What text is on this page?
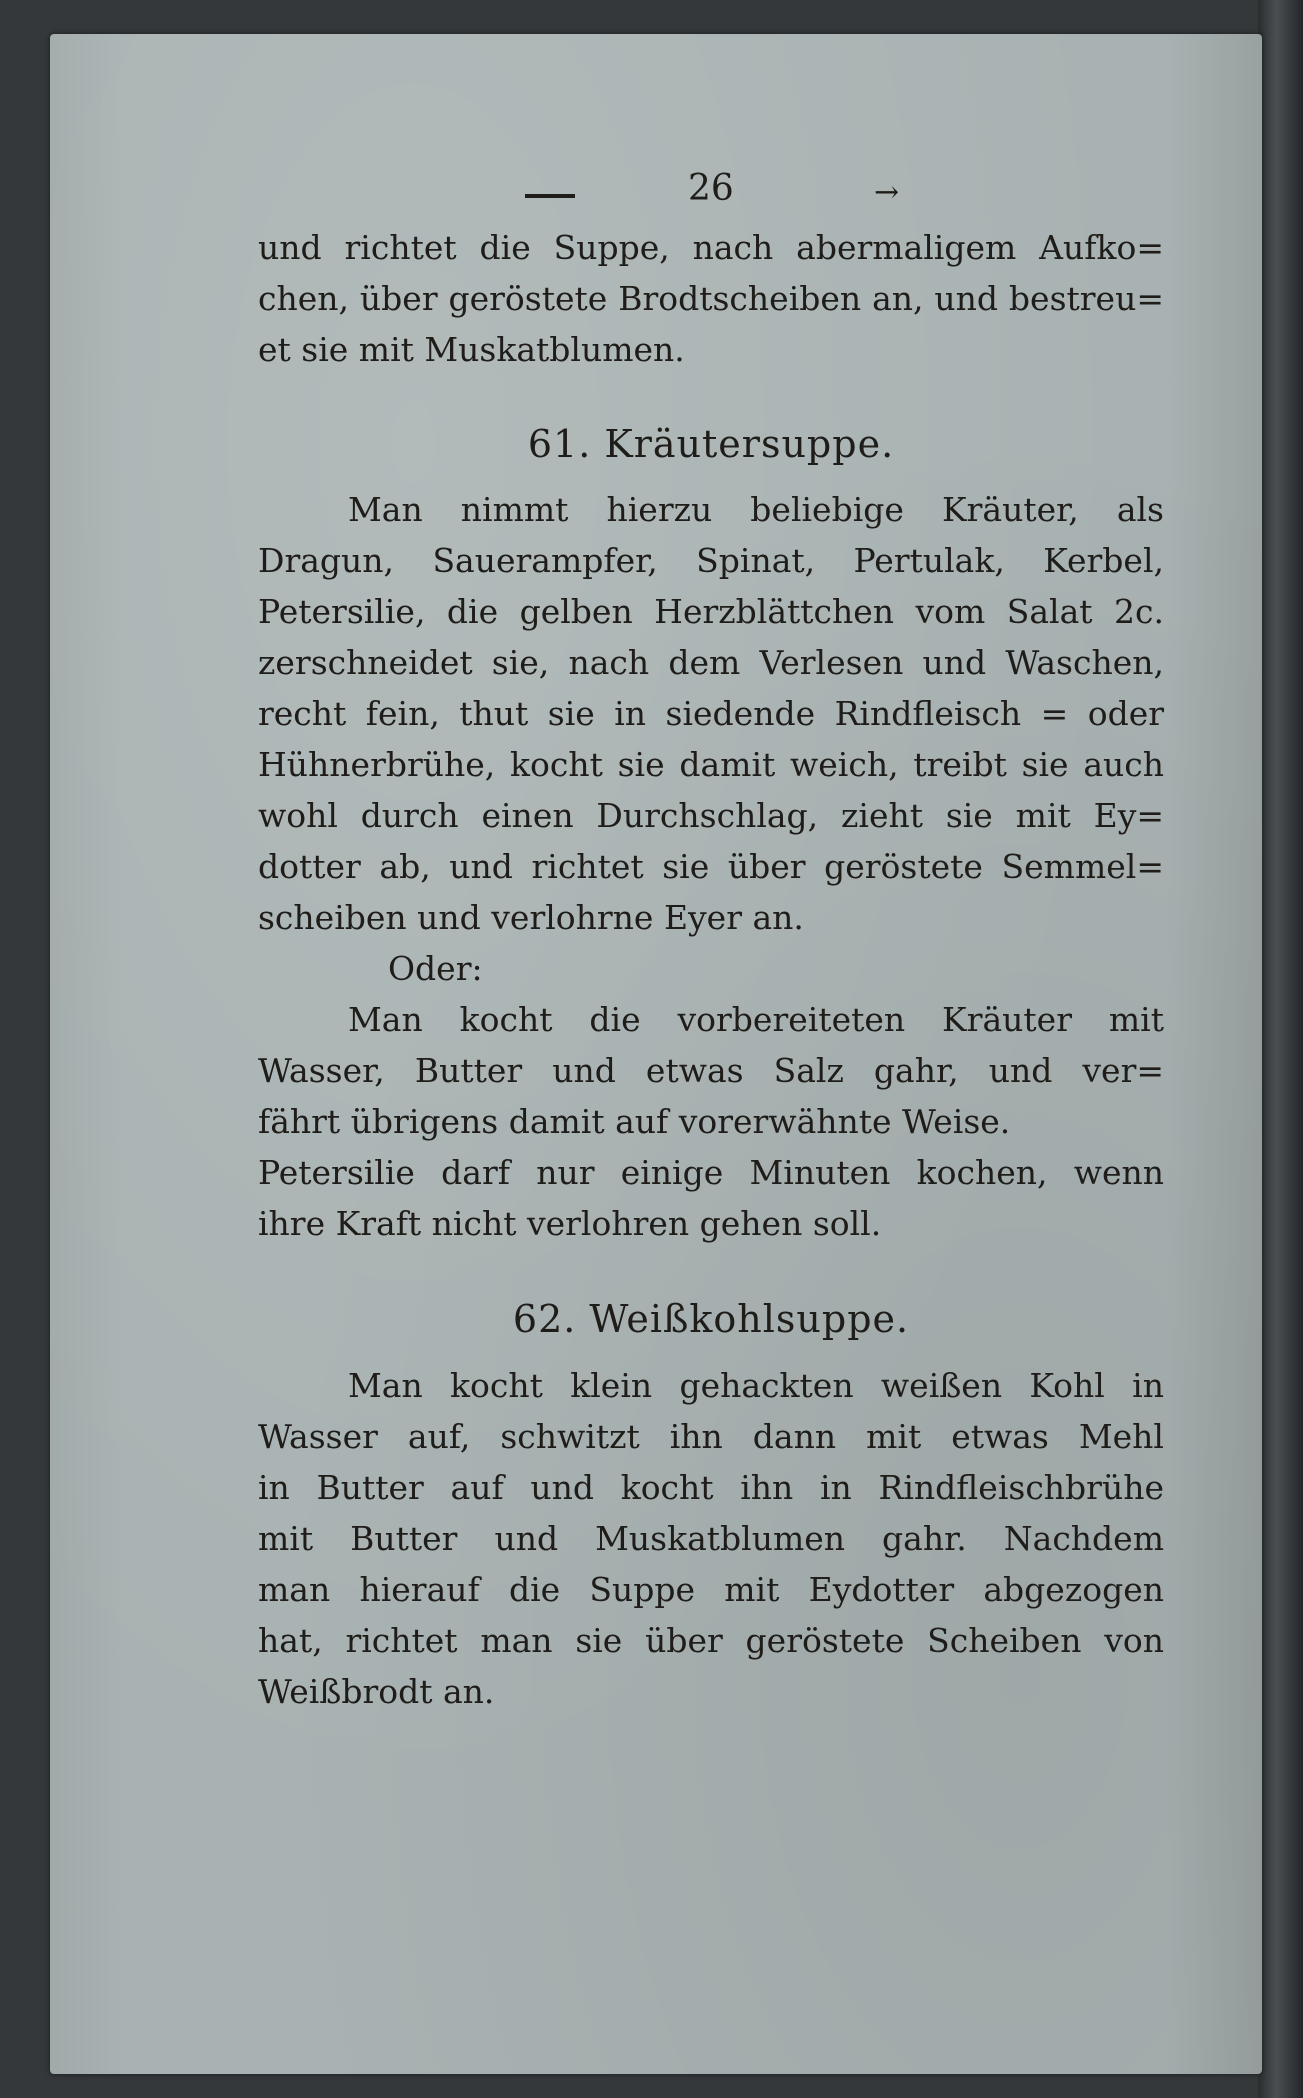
26	→
und richtet die Suppe, nach abermaligem Aufko=
chen, über geröstete Brodtscheiben an, und bestreu=
et sie mit Muskatblumen.
61. Kräutersuppe.
Man nimmt hierzu beliebige Kräuter, als
Dragun, Sauerampfer, Spinat, Pertulak, Kerbel,
Petersilie, die gelben Herzblättchen vom Salat 2c.
zerschneidet sie, nach dem Verlesen und Waschen,
recht fein, thut sie in siedende Rindfleisch = oder
Hühnerbrühe, kocht sie damit weich, treibt sie auch
wohl durch einen Durchschlag, zieht sie mit Ey=
dotter ab, und richtet sie über geröstete Semmel=
scheiben und verlohrne Eyer an.
Oder:
Man kocht die vorbereiteten Kräuter mit
Wasser, Butter und etwas Salz gahr, und ver=
fährt übrigens damit auf vorerwähnte Weise.
Petersilie darf nur einige Minuten kochen, wenn
ihre Kraft nicht verlohren gehen soll.
62. Weißkohlsuppe.
Man kocht klein gehackten weißen Kohl in
Wasser auf, schwitzt ihn dann mit etwas Mehl
in Butter auf und kocht ihn in Rindfleischbrühe
mit Butter und Muskatblumen gahr. Nachdem
man hierauf die Suppe mit Eydotter abgezogen
hat, richtet man sie über geröstete Scheiben von
Weißbrodt an.
